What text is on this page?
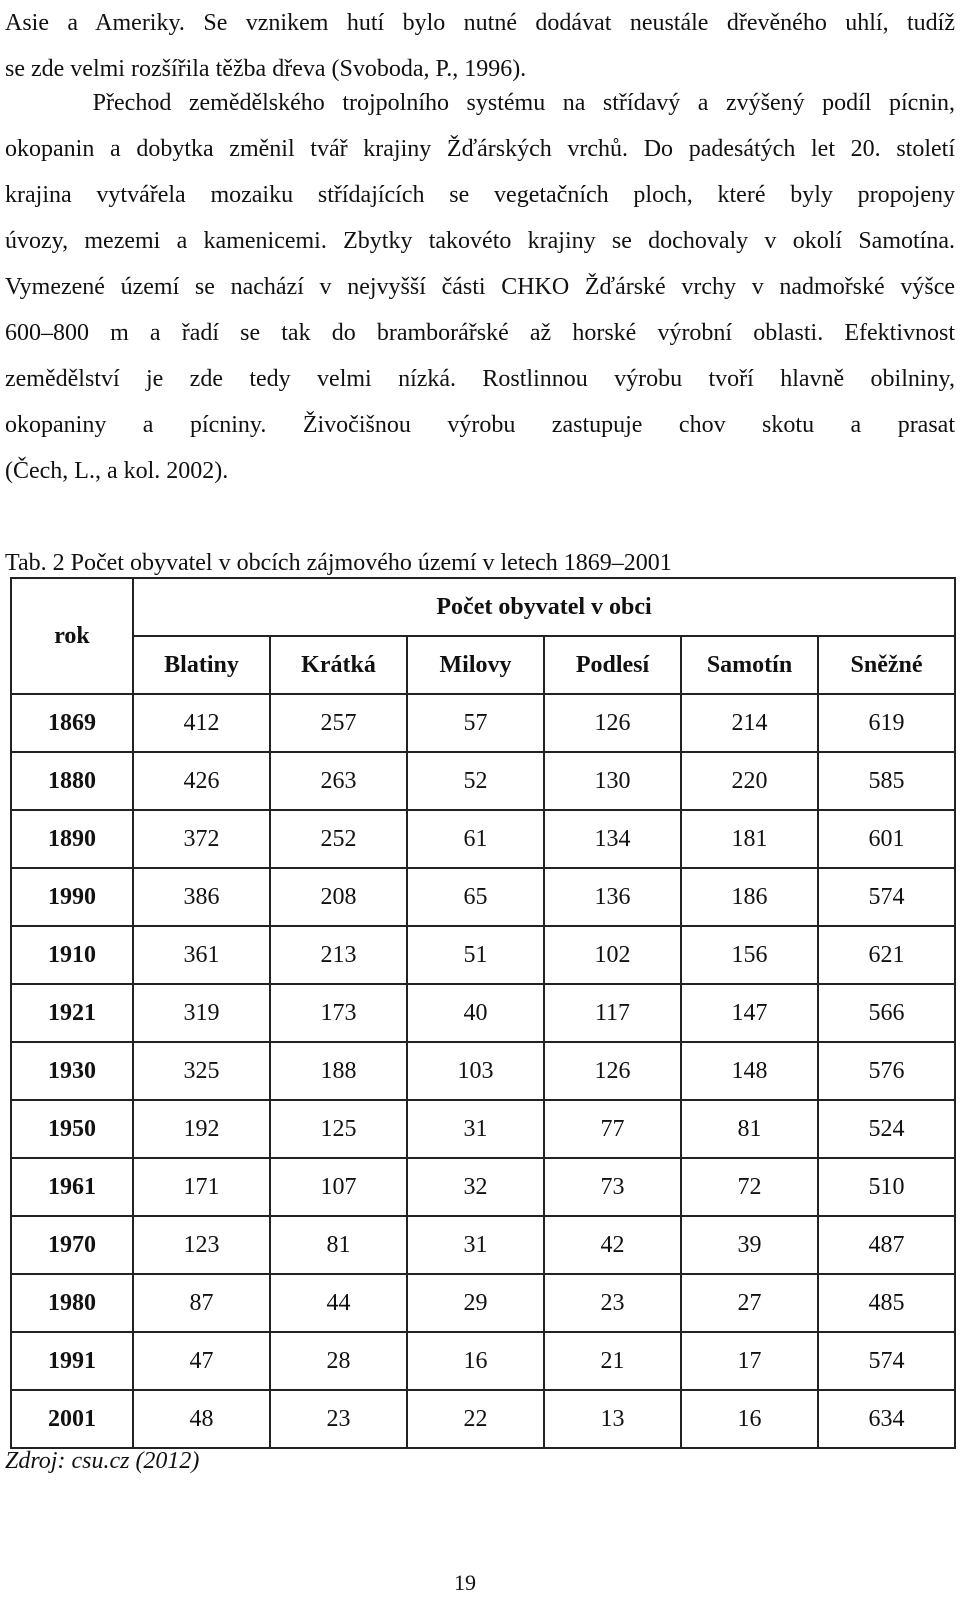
Asie a Ameriky. Se vznikem hutí bylo nutné dodávat neustále dřevěného uhlí, tudíž
se zde velmi rozšířila těžba dřeva (Svoboda, P., 1996).
Přechod zemědělského trojpolního systému na střídavý a zvýšený podíl pícnin,
okopanin a dobytka změnil tvář krajiny Žďárských vrchů. Do padesátých let 20. století
krajina vytvářela mozaiku střídajících se vegetačních ploch, které byly propojeny
úvozy, mezemi a kamenicemi. Zbytky takovéto krajiny se dochovaly v okolí Samotína.
Vymezené území se nachází v nejvyšší části CHKO Žďárské vrchy v nadmořské výšce
600–800 m a řadí se tak do bramborářské až horské výrobní oblasti. Efektivnost
zemědělství je zde tedy velmi nízká. Rostlinnou výrobu tvoří hlavně obilniny,
okopaniny a pícniny. Živočišnou výrobu zastupuje chov skotu a prasat
(Čech, L., a kol. 2002).

Tab. 2 Počet obyvatel v obcích zájmového území v letech 1869–2001

rok	Počet obyvatel v obci					
	Blatiny	Krátká	Milovy	Podlesí	Samotín	Sněžné
1869	412	257	57	126	214	619
1880	426	263	52	130	220	585
1890	372	252	61	134	181	601
1990	386	208	65	136	186	574
1910	361	213	51	102	156	621
1921	319	173	40	117	147	566
1930	325	188	103	126	148	576
1950	192	125	31	77	81	524
1961	171	107	32	73	72	510
1970	123	81	31	42	39	487
1980	87	44	29	23	27	485
1991	47	28	16	21	17	574
2001	48	23	22	13	16	634

Zdroj: csu.cz (2012)

19
